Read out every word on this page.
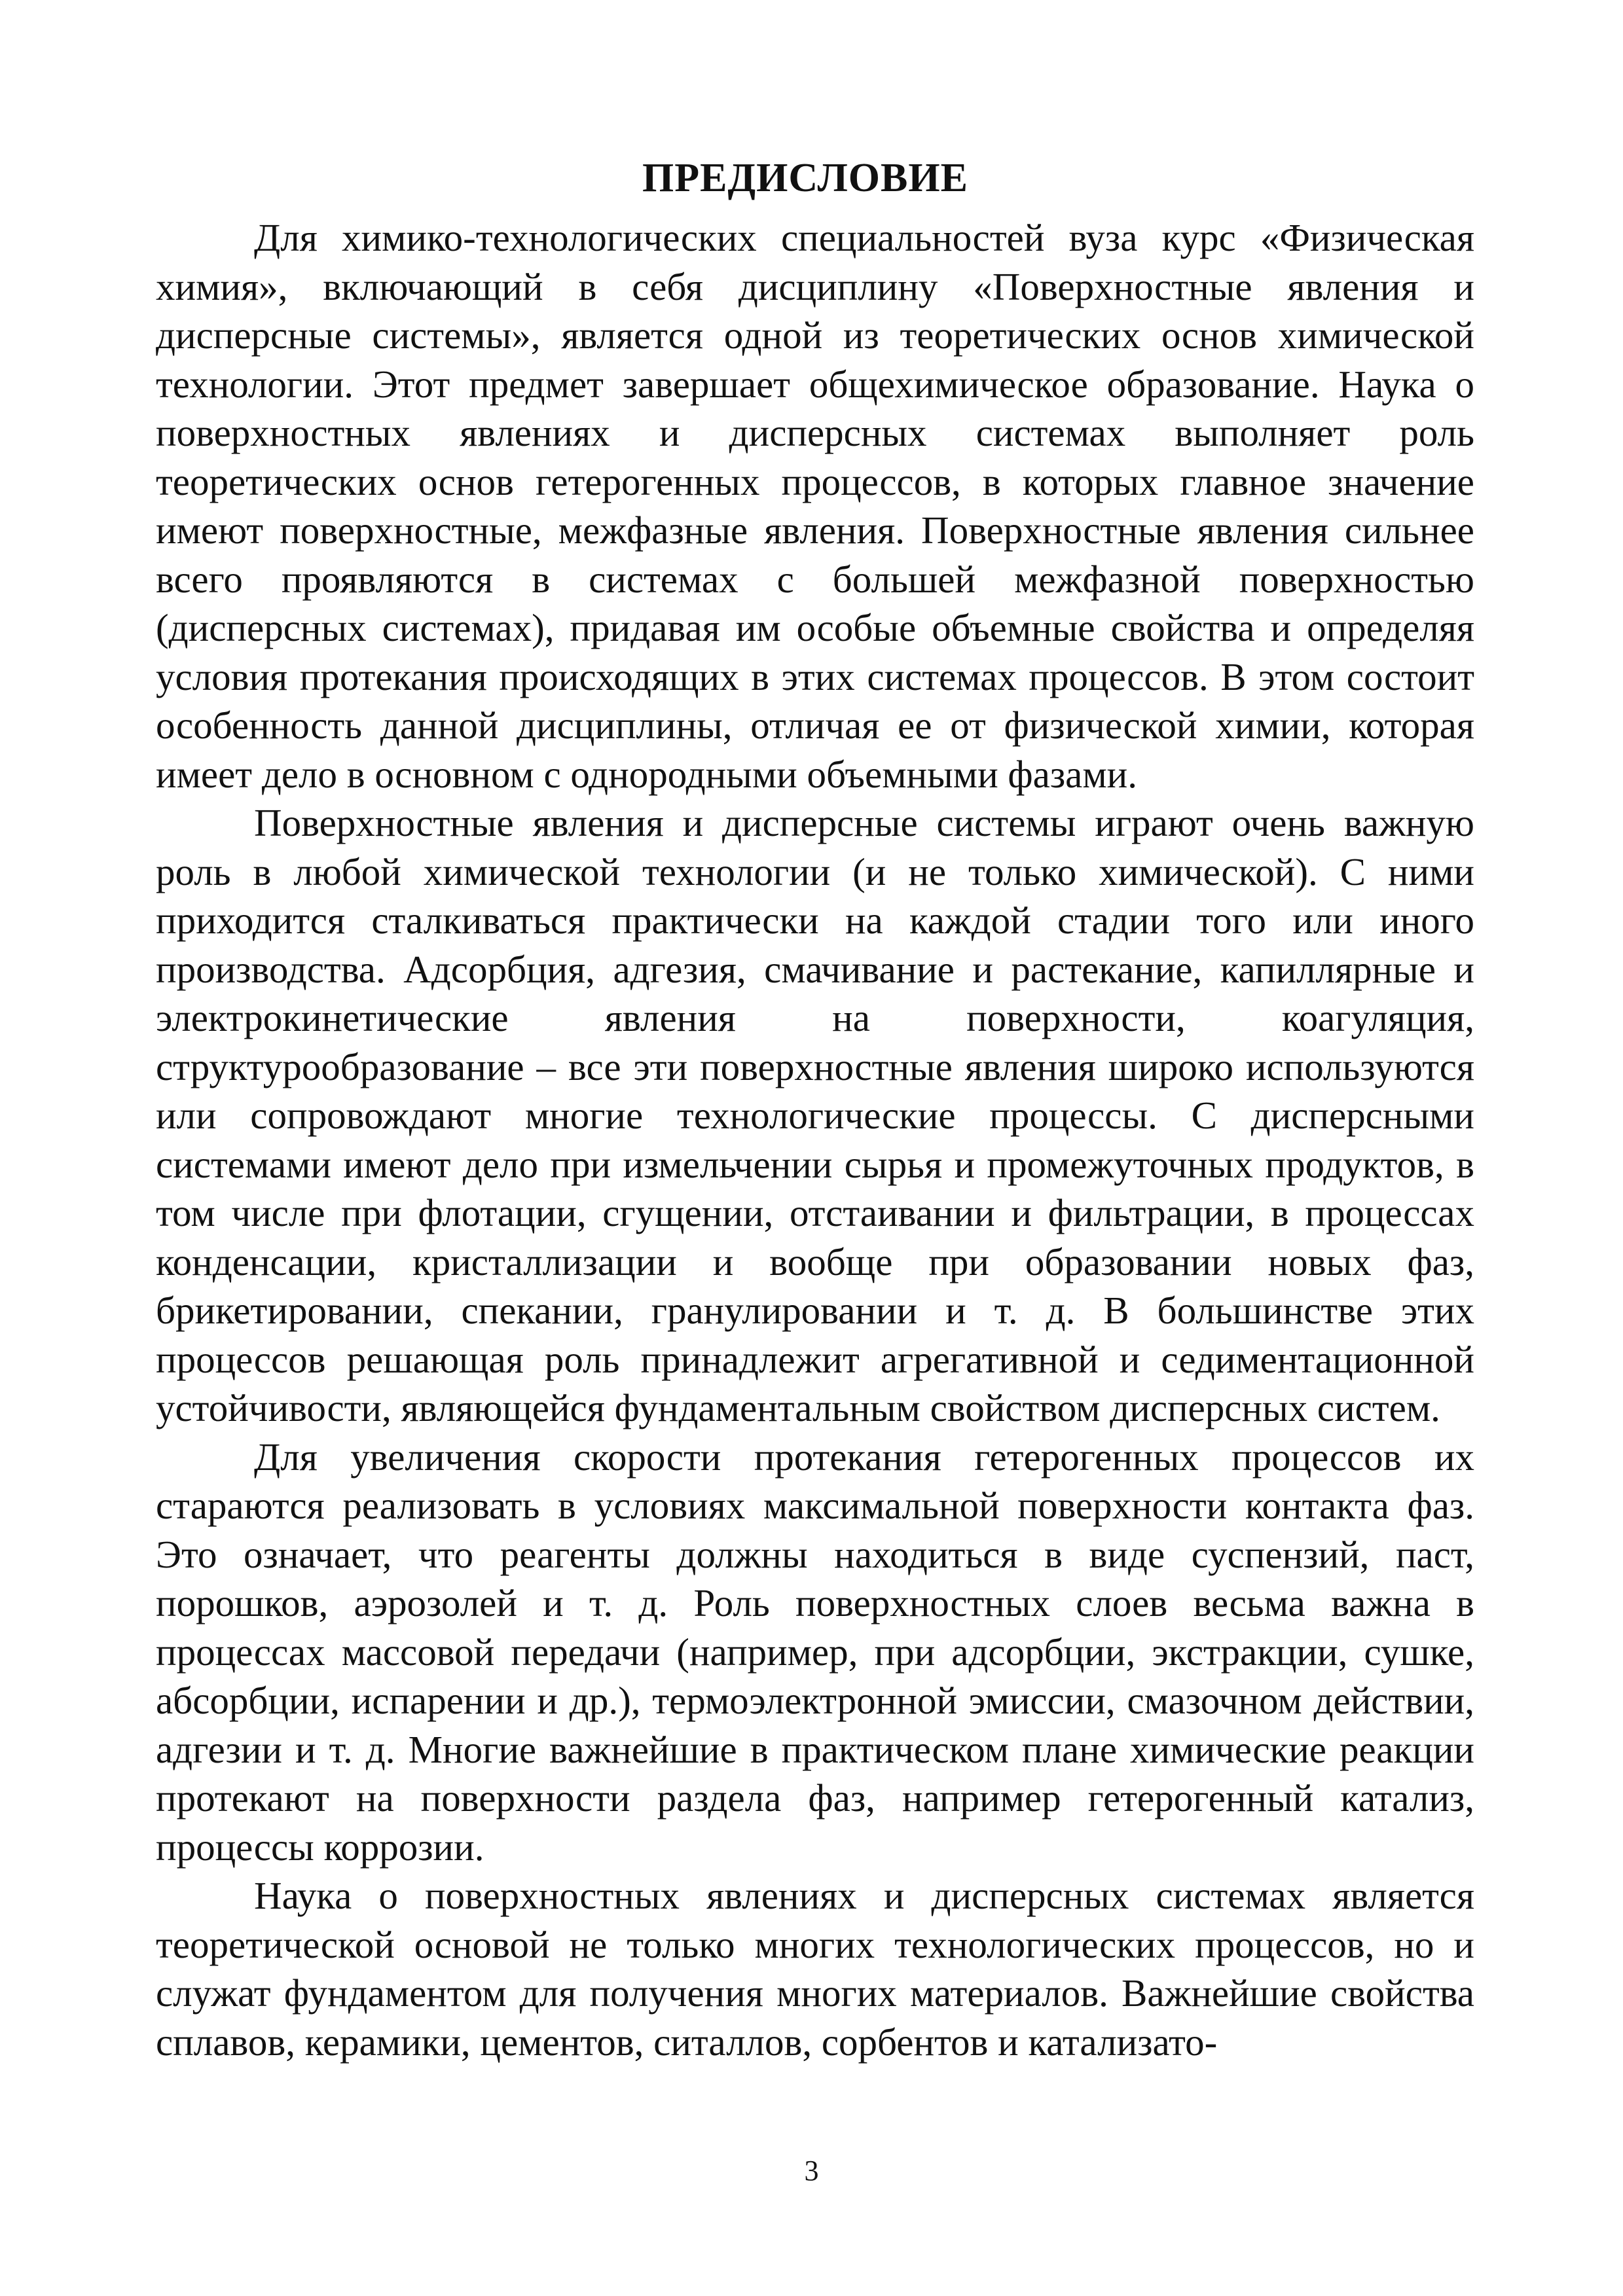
ПРЕДИСЛОВИЕ

Для химико-технологических специальностей вуза курс «Физическая химия», включающий в себя дисциплину «Поверхностные явления и дисперсные системы», является одной из теоретических основ химической технологии. Этот предмет завершает общехимическое образование. Наука о поверхностных явлениях и дисперсных системах выполняет роль теоретических основ гетерогенных процессов, в которых главное значение имеют поверхностные, межфазные явления. Поверхностные явления сильнее всего проявляются в системах с большей межфазной поверхностью (дисперсных системах), придавая им особые объемные свойства и определяя условия протекания происходящих в этих системах процессов. В этом состоит особенность данной дисциплины, отличая ее от физической химии, которая имеет дело в основном с однородными объемными фазами.

Поверхностные явления и дисперсные системы играют очень важную роль в любой химической технологии (и не только химической). С ними приходится сталкиваться практически на каждой стадии того или иного производства. Адсорбция, адгезия, смачивание и растекание, капиллярные и электрокинетические явления на поверхности, коагуляция, структурообразование – все эти поверхностные явления широко используются или сопровождают многие технологические процессы. С дисперсными системами имеют дело при измельчении сырья и промежуточных продуктов, в том числе при флотации, сгущении, отстаивании и фильтрации, в процессах конденсации, кристаллизации и вообще при образовании новых фаз, брикетировании, спекании, гранулировании и т. д. В большинстве этих процессов решающая роль принадлежит агрегативной и седиментационной устойчивости, являющейся фундаментальным свойством дисперсных систем.

Для увеличения скорости протекания гетерогенных процессов их стараются реализовать в условиях максимальной поверхности контакта фаз. Это означает, что реагенты должны находиться в виде суспензий, паст, порошков, аэрозолей и т. д. Роль поверхностных слоев весьма важна в процессах массовой передачи (например, при адсорбции, экстракции, сушке, абсорбции, испарении и др.), термоэлектронной эмиссии, смазочном действии, адгезии и т. д. Многие важнейшие в практическом плане химические реакции протекают на поверхности раздела фаз, например гетерогенный катализ, процессы коррозии.

Наука о поверхностных явлениях и дисперсных системах является теоретической основой не только многих технологических процессов, но и служат фундаментом для получения многих материалов. Важнейшие свойства сплавов, керамики, цементов, ситаллов, сорбентов и катализато-

3
